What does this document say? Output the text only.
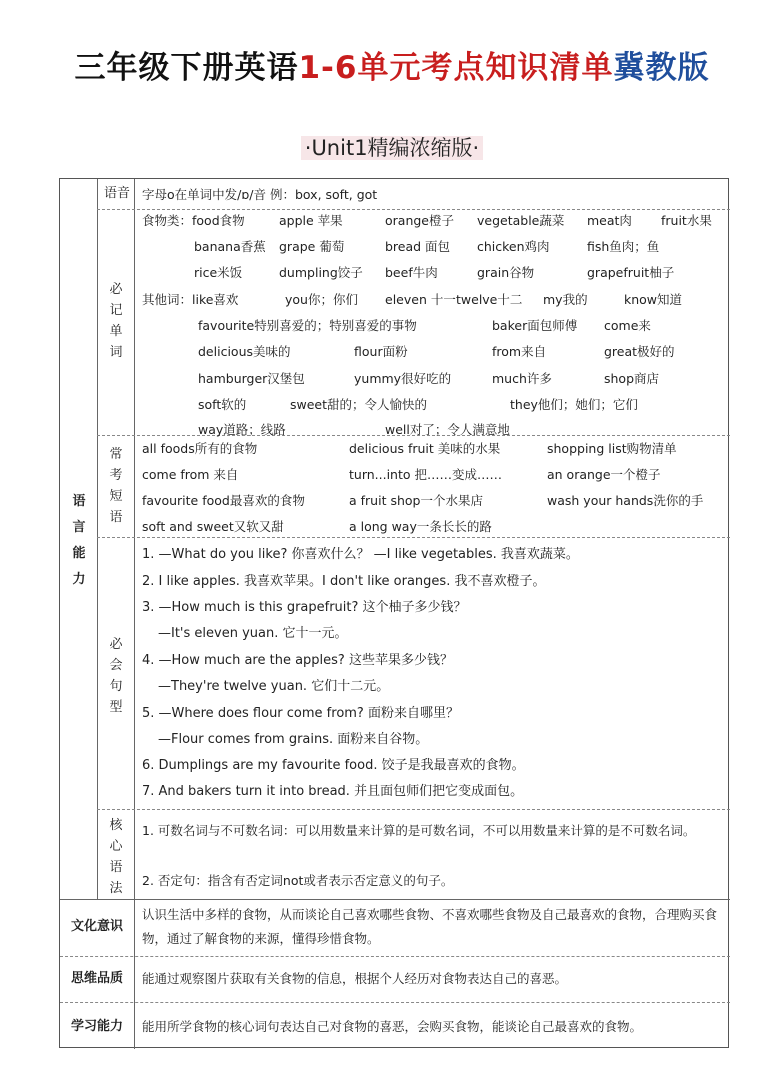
三年级下册英语1-6单元考点知识清单冀教版
·Unit1精编浓缩版·
语言能力
语音 字母o在单词中发/ɒ/音 例：box, soft, got
必记单词
食物类：food食物	apple 苹果	orange橙子 vegetable蔬菜 meat肉 fruit水果
banana香蕉 grape 葡萄	bread 面包 chicken鸡肉	fish鱼肉；鱼
rice米饭	dumpling饺子 beef牛肉	grain谷物	grapefruit柚子
其他词：like喜欢	you你；你们 eleven 十一 twelve十二 my我的	know知道
favourite特别喜爱的；特别喜爱的事物	baker面包师傅 come来
delicious美味的	flour面粉	from来自	great极好的
hamburger汉堡包	yummy很好吃的	much许多	shop商店
soft软的	sweet甜的；令人愉快的	they他们；她们；它们
way道路；线路	well对了；令人满意地
常考短语
all foods所有的食物	delicious fruit 美味的水果	shopping list购物清单
come from 来自	turn...into 把……变成……	an orange一个橙子
favourite food最喜欢的食物	a fruit shop一个水果店	wash your hands洗你的手
soft and sweet又软又甜	a long way一条长长的路
必会句型
1. —What do you like? 你喜欢什么？ —I like vegetables. 我喜欢蔬菜。
2. I like apples. 我喜欢苹果。I don't like oranges. 我不喜欢橙子。
3. —How much is this grapefruit? 这个柚子多少钱？
—It's eleven yuan. 它十一元。
4. —How much are the apples? 这些苹果多少钱？
—They're twelve yuan. 它们十二元。
5. —Where does flour come from? 面粉来自哪里？
—Flour comes from grains. 面粉来自谷物。
6. Dumplings are my favourite food. 饺子是我最喜欢的食物。
7. And bakers turn it into bread. 并且面包师们把它变成面包。
核心语法
1. 可数名词与不可数名词：可以用数量来计算的是可数名词，不可以用数量来计算的是不可数名词。
2. 否定句：指含有否定词not或者表示否定意义的句子。
文化意识
认识生活中多样的食物，从而谈论自己喜欢哪些食物、不喜欢哪些食物及自己最喜欢的食物，合理购买食物，通过了解食物的来源，懂得珍惜食物。
思维品质	能通过观察图片获取有关食物的信息，根据个人经历对食物表达自己的喜恶。
学习能力	能用所学食物的核心词句表达自己对食物的喜恶，会购买食物，能谈论自己最喜欢的食物。
